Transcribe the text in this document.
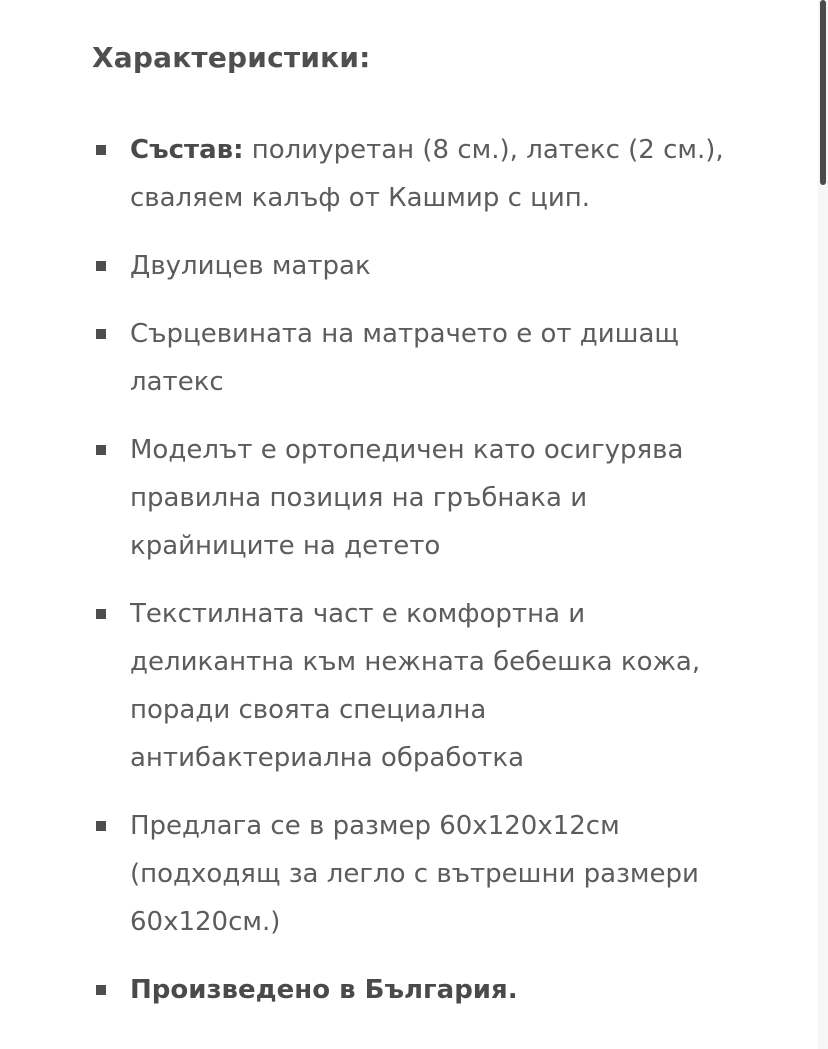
Характеристики:
Състав: полиуретан (8 см.), латекс (2 см.), сваляем калъф от Кашмир с цип.
Двулицев матрак
Сърцевината на матрачето е от дишащ латекс
Моделът е ортопедичен като осигурява правилна позиция на гръбнака и крайниците на детето
Текстилната част е комфортна и деликантна към нежната бебешка кожа, поради своята специална антибактериална обработка
Предлага се в размер 60х120х12см (подходящ за легло с вътрешни размери 60х120см.)
Произведено в България.
